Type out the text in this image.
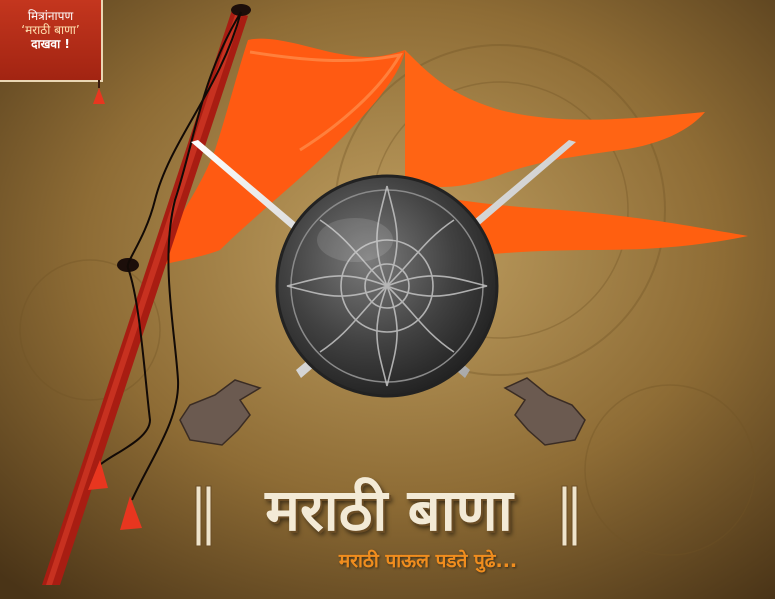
मित्रांनापण
‘मराठी बाणा’
दाखवा !
मराठी बाणा
मराठी पाऊल पडते पुढे...
